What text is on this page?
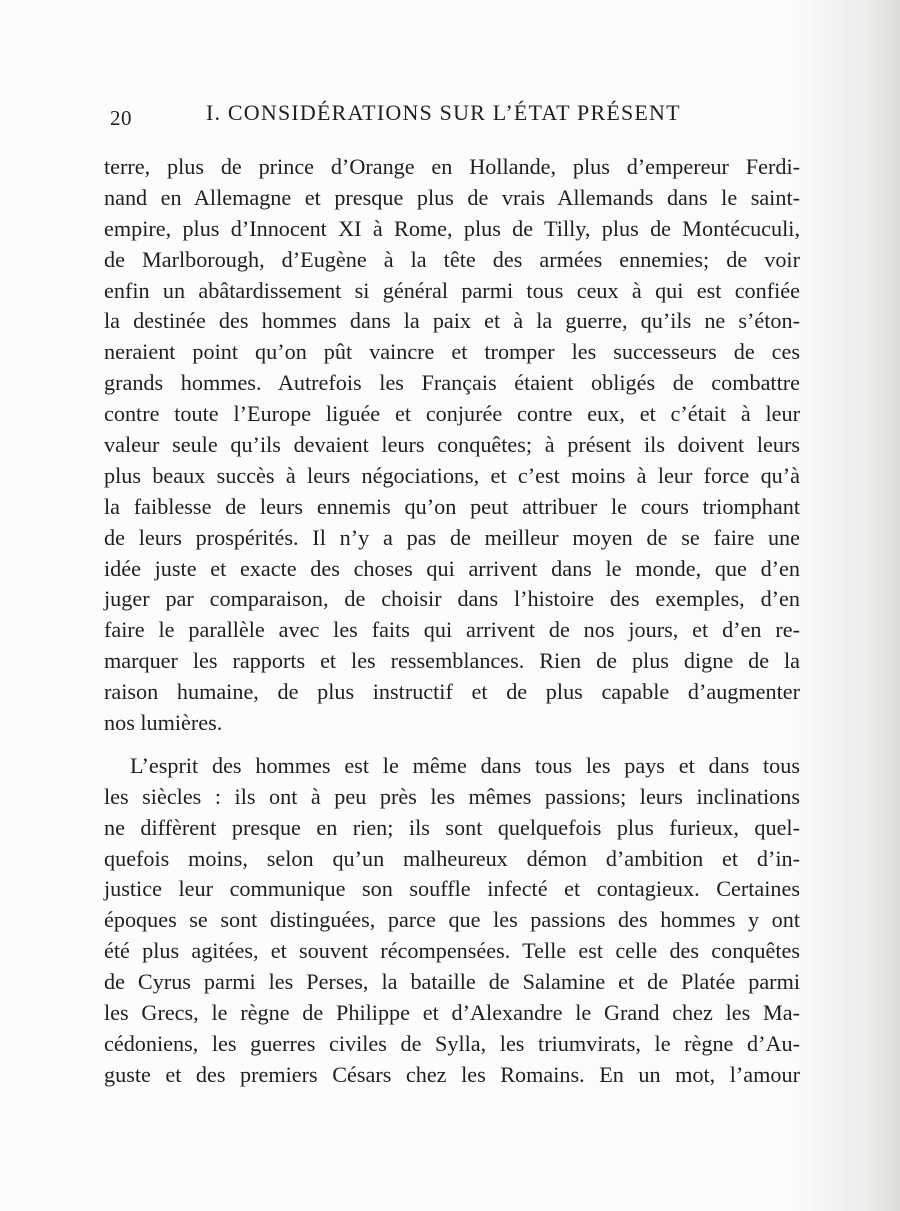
20	I. CONSIDÉRATIONS SUR L’ÉTAT PRÉSENT
terre, plus de prince d’Orange en Hollande, plus d’empereur Ferdi-
nand en Allemagne et presque plus de vrais Allemands dans le saint-
empire, plus d’Innocent XI à Rome, plus de Tilly, plus de Montécuculi,
de Marlborough, d’Eugène à la tête des armées ennemies; de voir
enfin un abâtardissement si général parmi tous ceux à qui est confiée
la destinée des hommes dans la paix et à la guerre, qu’ils ne s’éton-
neraient point qu’on pût vaincre et tromper les successeurs de ces
grands hommes. Autrefois les Français étaient obligés de combattre
contre toute l’Europe liguée et conjurée contre eux, et c’était à leur
valeur seule qu’ils devaient leurs conquêtes; à présent ils doivent leurs
plus beaux succès à leurs négociations, et c’est moins à leur force qu’à
la faiblesse de leurs ennemis qu’on peut attribuer le cours triomphant
de leurs prospérités. Il n’y a pas de meilleur moyen de se faire une
idée juste et exacte des choses qui arrivent dans le monde, que d’en
juger par comparaison, de choisir dans l’histoire des exemples, d’en
faire le parallèle avec les faits qui arrivent de nos jours, et d’en re-
marquer les rapports et les ressemblances. Rien de plus digne de la
raison humaine, de plus instructif et de plus capable d’augmenter
nos lumières.
L’esprit des hommes est le même dans tous les pays et dans tous
les siècles : ils ont à peu près les mêmes passions; leurs inclinations
ne diffèrent presque en rien; ils sont quelquefois plus furieux, quel-
quefois moins, selon qu’un malheureux démon d’ambition et d’in-
justice leur communique son souffle infecté et contagieux. Certaines
époques se sont distinguées, parce que les passions des hommes y ont
été plus agitées, et souvent récompensées. Telle est celle des conquêtes
de Cyrus parmi les Perses, la bataille de Salamine et de Platée parmi
les Grecs, le règne de Philippe et d’Alexandre le Grand chez les Ma-
cédoniens, les guerres civiles de Sylla, les triumvirats, le règne d’Au-
guste et des premiers Césars chez les Romains. En un mot, l’amour
